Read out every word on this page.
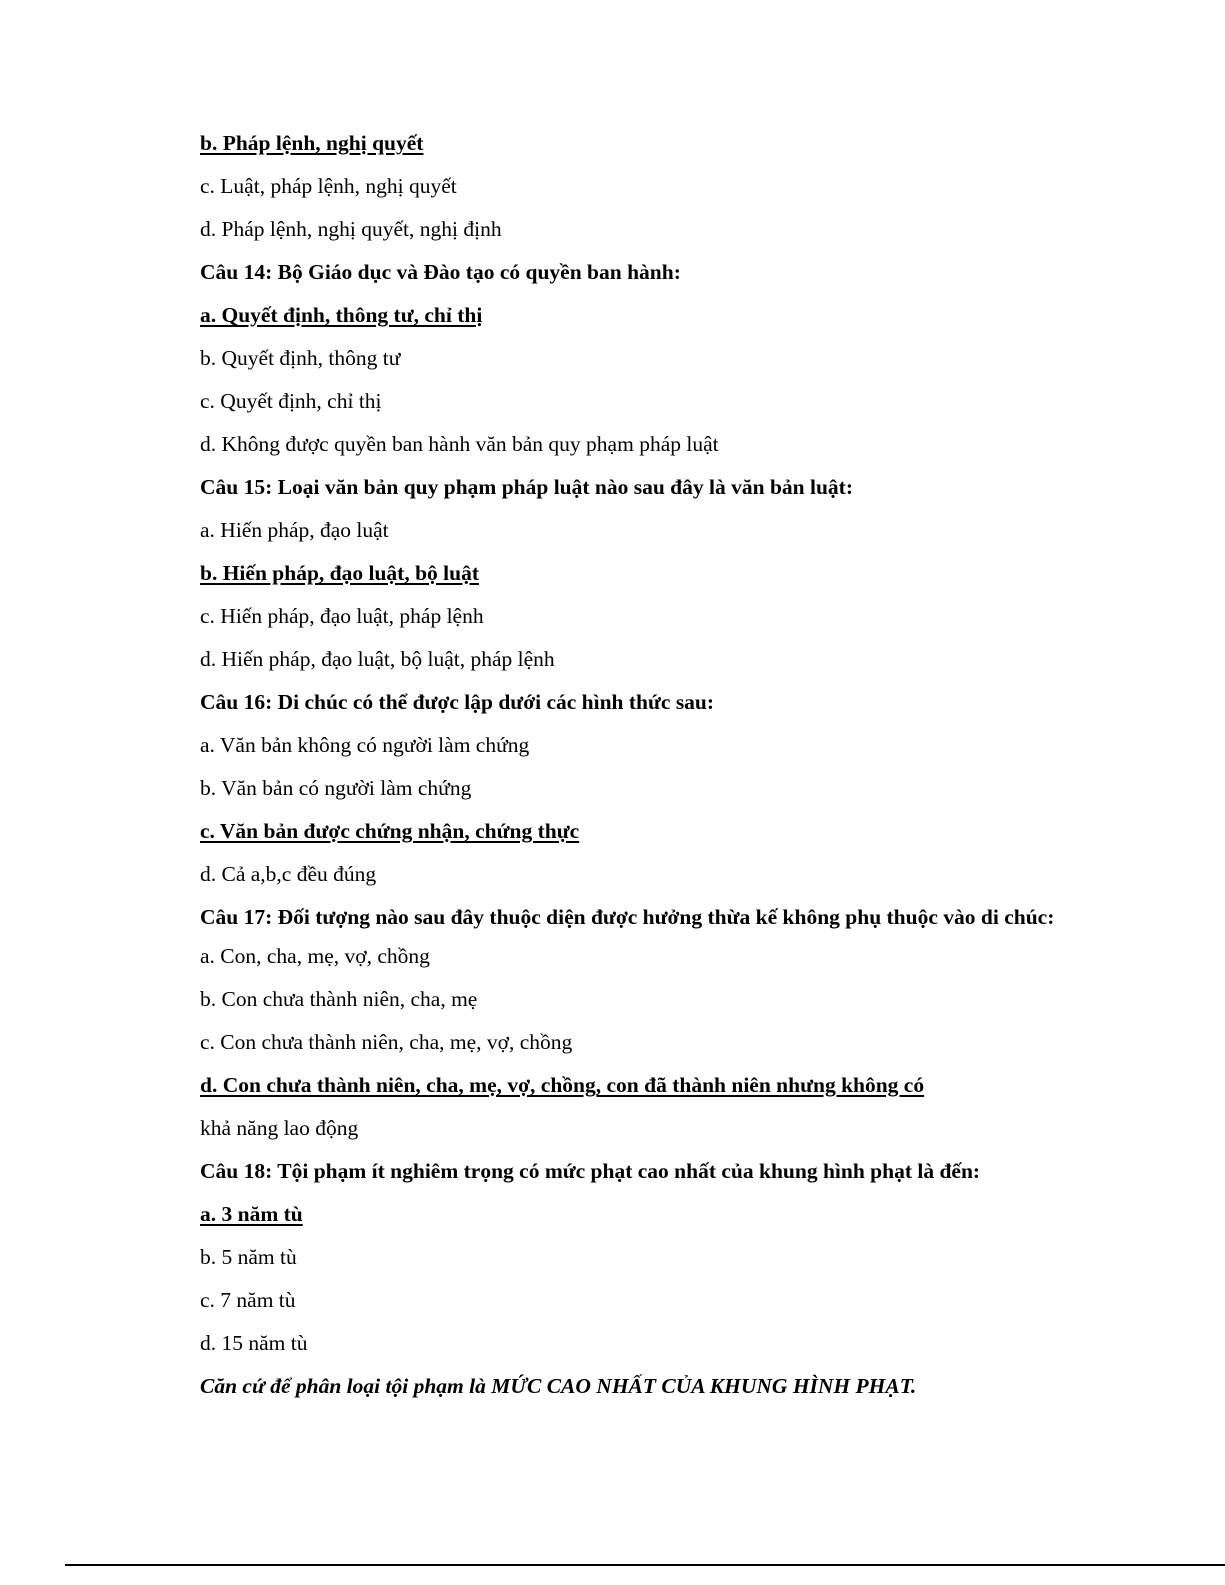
b. Pháp lệnh, nghị quyết

c. Luật, pháp lệnh, nghị quyết

d. Pháp lệnh, nghị quyết, nghị định

Câu 14: Bộ Giáo dục và Đào tạo có quyền ban hành:

a. Quyết định, thông tư, chỉ thị

b. Quyết định, thông tư

c. Quyết định, chỉ thị

d. Không được quyền ban hành văn bản quy phạm pháp luật

Câu 15: Loại văn bản quy phạm pháp luật nào sau đây là văn bản luật:

a. Hiến pháp, đạo luật

b. Hiến pháp, đạo luật, bộ luật

c. Hiến pháp, đạo luật, pháp lệnh

d. Hiến pháp, đạo luật, bộ luật, pháp lệnh

Câu 16: Di chúc có thể được lập dưới các hình thức sau:

a. Văn bản không có người làm chứng

b. Văn bản có người làm chứng

c. Văn bản được chứng nhận, chứng thực

d. Cả a,b,c đều đúng

Câu 17: Đối tượng nào sau đây thuộc diện được hưởng thừa kế không phụ thuộc vào di chúc:

a. Con, cha, mẹ, vợ, chồng

b. Con chưa thành niên, cha, mẹ

c. Con chưa thành niên, cha, mẹ, vợ, chồng

d. Con chưa thành niên, cha, mẹ, vợ, chồng, con đã thành niên nhưng không có

khả năng lao động

Câu 18: Tội phạm ít nghiêm trọng có mức phạt cao nhất của khung hình phạt là đến:

a. 3 năm tù

b. 5 năm tù

c. 7 năm tù

d. 15 năm tù

Căn cứ để phân loại tội phạm là MỨC CAO NHẤT CỦA KHUNG HÌNH PHẠT.
